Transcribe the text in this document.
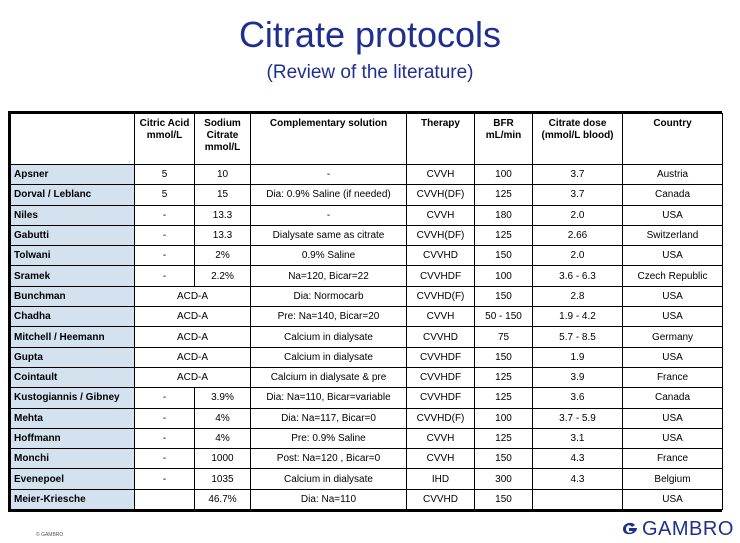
Citrate protocols
(Review of the literature)
	Citric Acid mmol/L	Sodium Citrate mmol/L	Complementary solution	Therapy	BFR mL/min	Citrate dose (mmol/L blood)	Country
Apsner	5	10	-	CVVH	100	3.7	Austria
Dorval / Leblanc	5	15	Dia: 0.9% Saline (if needed)	CVVH(DF)	125	3.7	Canada
Niles	-	13.3	-	CVVH	180	2.0	USA
Gabutti	-	13.3	Dialysate same as citrate	CVVH(DF)	125	2.66	Switzerland
Tolwani	-	2%	0.9% Saline	CVVHD	150	2.0	USA
Sramek	-	2.2%	Na=120, Bicar=22	CVVHDF	100	3.6 - 6.3	Czech Republic
Bunchman	ACD-A		Dia: Normocarb	CVVHD(F)	150	2.8	USA
Chadha	ACD-A		Pre: Na=140, Bicar=20	CVVH	50 - 150	1.9 - 4.2	USA
Mitchell / Heemann	ACD-A		Calcium in dialysate	CVVHD	75	5.7 - 8.5	Germany
Gupta	ACD-A		Calcium in dialysate	CVVHDF	150	1.9	USA
Cointault	ACD-A		Calcium in dialysate & pre	CVVHDF	125	3.9	France
Kustogiannis / Gibney	-	3.9%	Dia: Na=110, Bicar=variable	CVVHDF	125	3.6	Canada
Mehta	-	4%	Dia: Na=117, Bicar=0	CVVHD(F)	100	3.7 - 5.9	USA
Hoffmann	-	4%	Pre: 0.9% Saline	CVVH	125	3.1	USA
Monchi	-	1000	Post: Na=120 , Bicar=0	CVVH	150	4.3	France
Evenepoel	-	1035	Calcium in dialysate	IHD	300	4.3	Belgium
Meier-Kriesche		46.7%	Dia: Na=110	CVVHD	150		USA
© GAMBRO	GAMBRO
